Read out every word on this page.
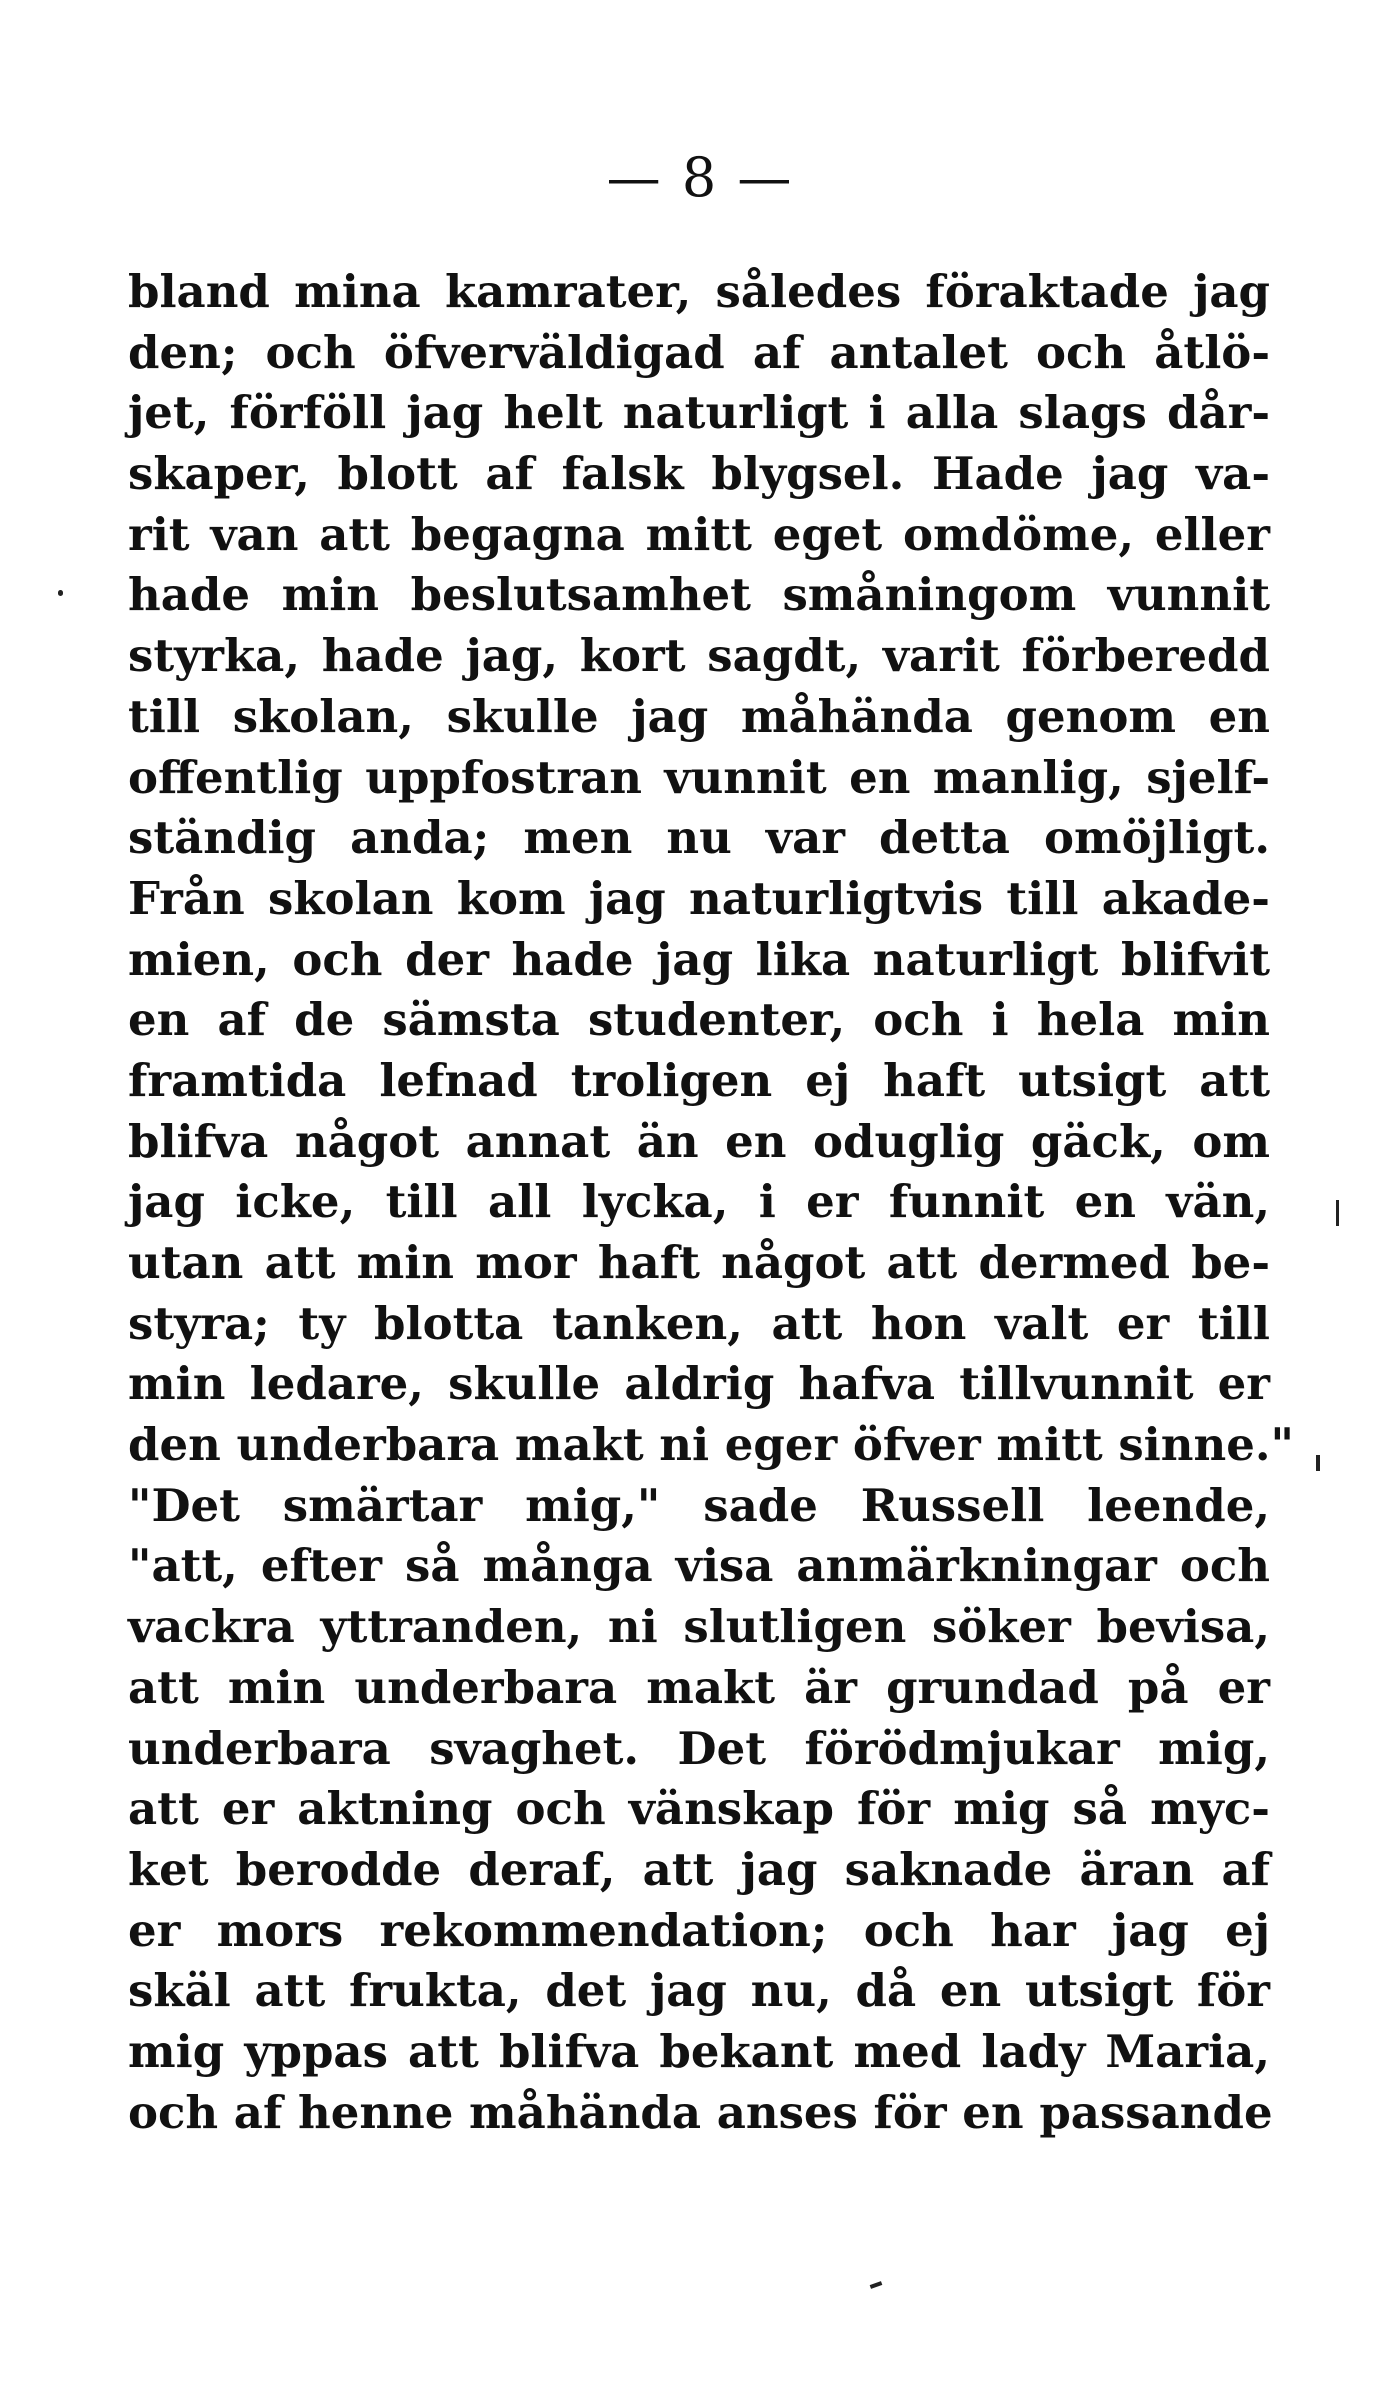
— 8 —
bland mina kamrater, således föraktade jag
den; och öfverväldigad af antalet och åtlö-
jet, förföll jag helt naturligt i alla slags dår-
skaper, blott af falsk blygsel. Hade jag va-
rit van att begagna mitt eget omdöme, eller
hade min beslutsamhet småningom vunnit
styrka, hade jag, kort sagdt, varit förberedd
till skolan, skulle jag måhända genom en
offentlig uppfostran vunnit en manlig, sjelf-
ständig anda; men nu var detta omöjligt.
Från skolan kom jag naturligtvis till akade-
mien, och der hade jag lika naturligt blifvit
en af de sämsta studenter, och i hela min
framtida lefnad troligen ej haft utsigt att
blifva något annat än en oduglig gäck, om
jag icke, till all lycka, i er funnit en vän,
utan att min mor haft något att dermed be-
styra; ty blotta tanken, att hon valt er till
min ledare, skulle aldrig hafva tillvunnit er
den underbara makt ni eger öfver mitt sinne."
"Det smärtar mig," sade Russell leende,
"att, efter så många visa anmärkningar och
vackra yttranden, ni slutligen söker bevisa,
att min underbara makt är grundad på er
underbara svaghet. Det förödmjukar mig,
att er aktning och vänskap för mig så myc-
ket berodde deraf, att jag saknade äran af
er mors rekommendation; och har jag ej
skäl att frukta, det jag nu, då en utsigt för
mig yppas att blifva bekant med lady Maria,
och af henne måhända anses för en passande
